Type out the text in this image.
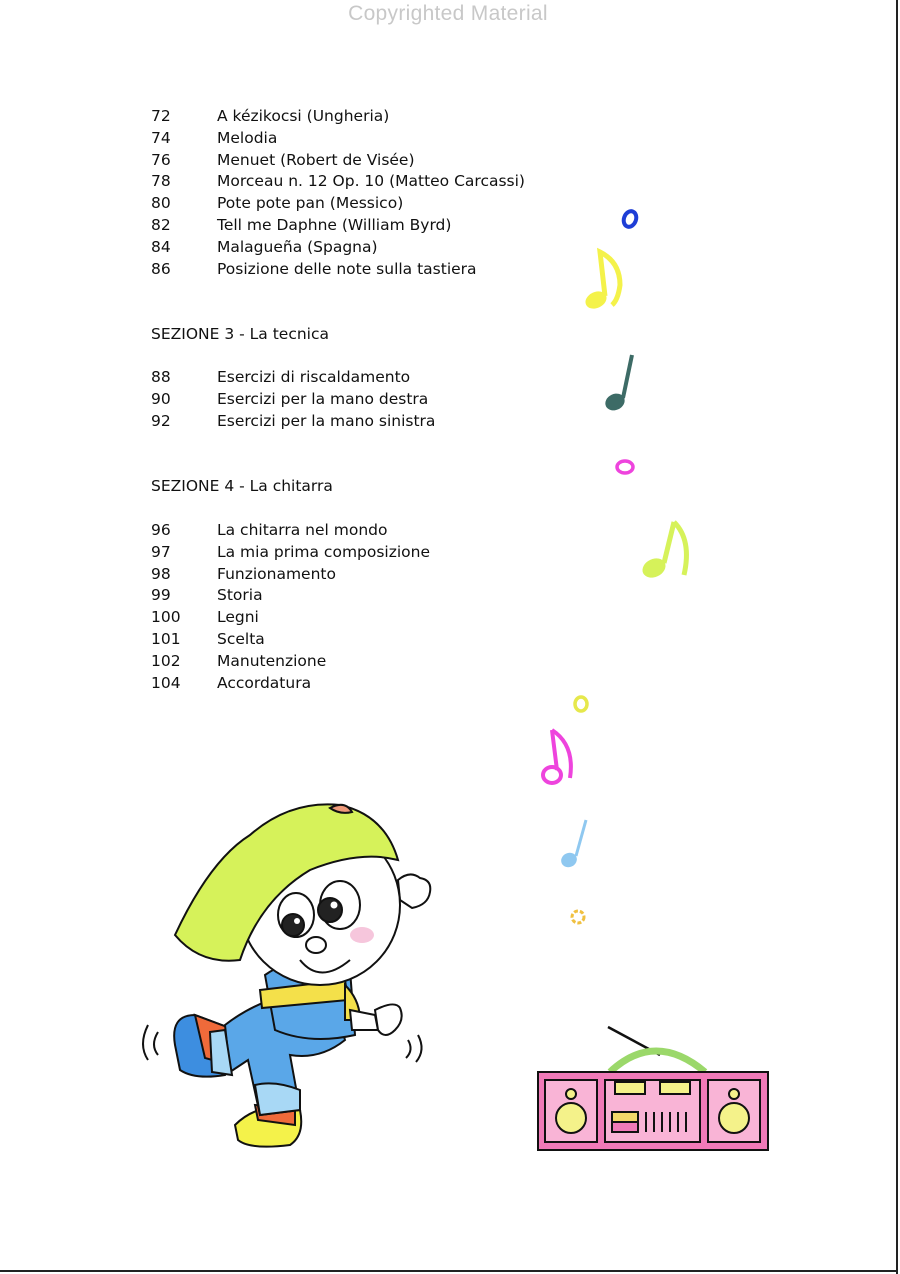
Copyrighted Material
72	A kézikocsi (Ungheria)
74	Melodia
76	Menuet (Robert de Visée)
78	Morceau n. 12 Op. 10 (Matteo Carcassi)
80	Pote pote pan (Messico)
82	Tell me Daphne (William Byrd)
84	Malagueña (Spagna)
86	Posizione delle note sulla tastiera
SEZIONE 3 - La tecnica
88	Esercizi di riscaldamento
90	Esercizi per la mano destra
92	Esercizi per la mano sinistra
SEZIONE 4 - La chitarra
96	La chitarra nel mondo
97	La mia prima composizione
98	Funzionamento
99	Storia
100	Legni
101	Scelta
102	Manutenzione
104	Accordatura
